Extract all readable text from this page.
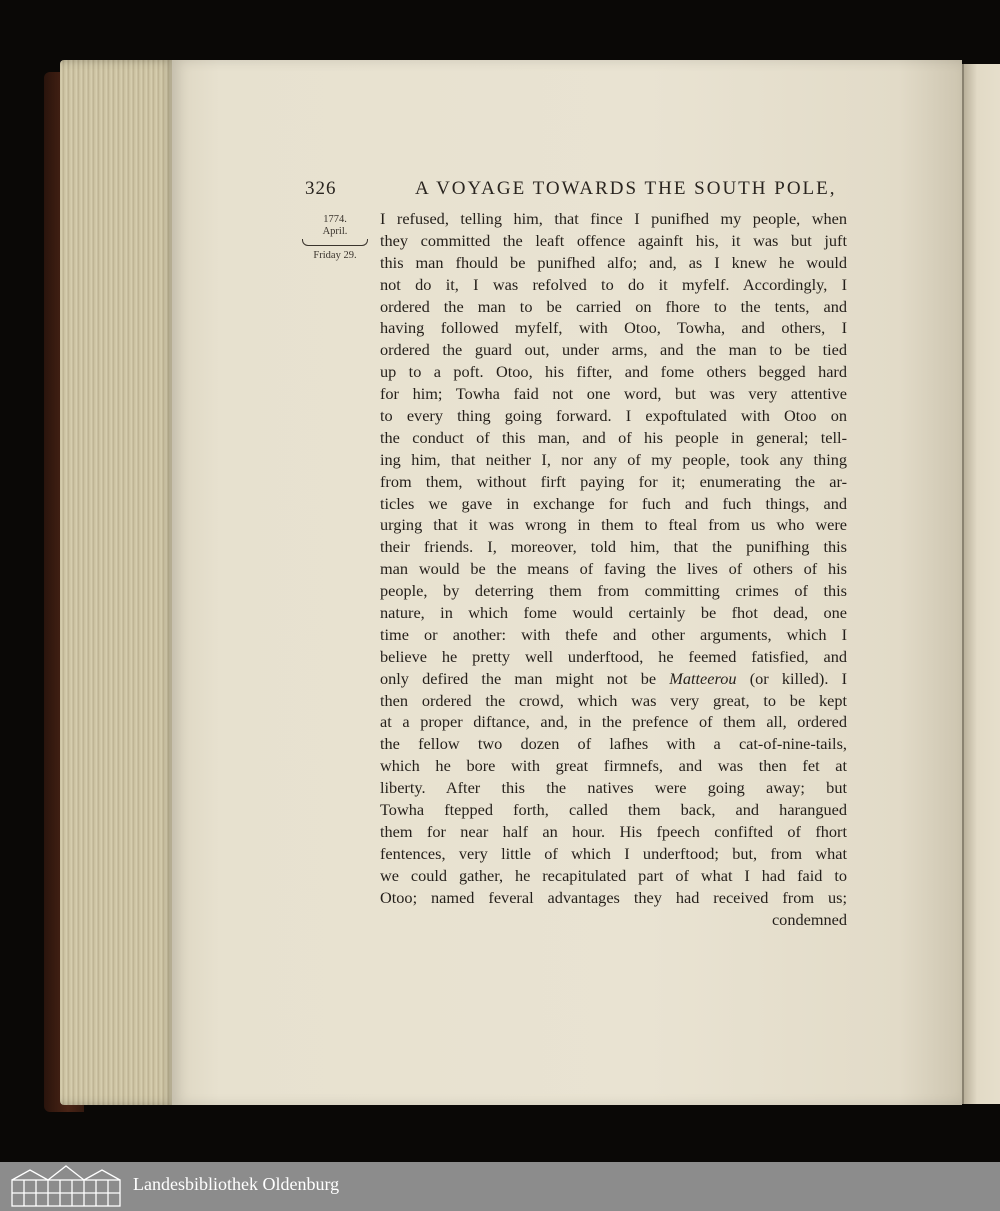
326	A VOYAGE TOWARDS THE SOUTH POLE,
1774.
April.
Friday 29.
I refused, telling him, that fince I punifhed my people, when
they committed the leaft offence againft his, it was but juft
this man fhould be punifhed alfo; and, as I knew he would
not do it, I was refolved to do it myfelf. Accordingly, I
ordered the man to be carried on fhore to the tents, and
having followed myfelf, with Otoo, Towha, and others, I
ordered the guard out, under arms, and the man to be tied
up to a poft. Otoo, his fifter, and fome others begged hard
for him; Towha faid not one word, but was very attentive
to every thing going forward. I expoftulated with Otoo on
the conduct of this man, and of his people in general; tell-
ing him, that neither I, nor any of my people, took any thing
from them, without firft paying for it; enumerating the ar-
ticles we gave in exchange for fuch and fuch things, and
urging that it was wrong in them to fteal from us who were
their friends. I, moreover, told him, that the punifhing this
man would be the means of faving the lives of others of his
people, by deterring them from committing crimes of this
nature, in which fome would certainly be fhot dead, one
time or another: with thefe and other arguments, which I
believe he pretty well underftood, he feemed fatisfied, and
only defired the man might not be Matteerou (or killed). I
then ordered the crowd, which was very great, to be kept
at a proper diftance, and, in the prefence of them all, ordered
the fellow two dozen of lafhes with a cat-of-nine-tails,
which he bore with great firmnefs, and was then fet at
liberty. After this the natives were going away; but
Towha ftepped forth, called them back, and harangued
them for near half an hour. His fpeech confifted of fhort
fentences, very little of which I underftood; but, from what
we could gather, he recapitulated part of what I had faid to
Otoo; named feveral advantages they had received from us;
condemned
Landesbibliothek Oldenburg
